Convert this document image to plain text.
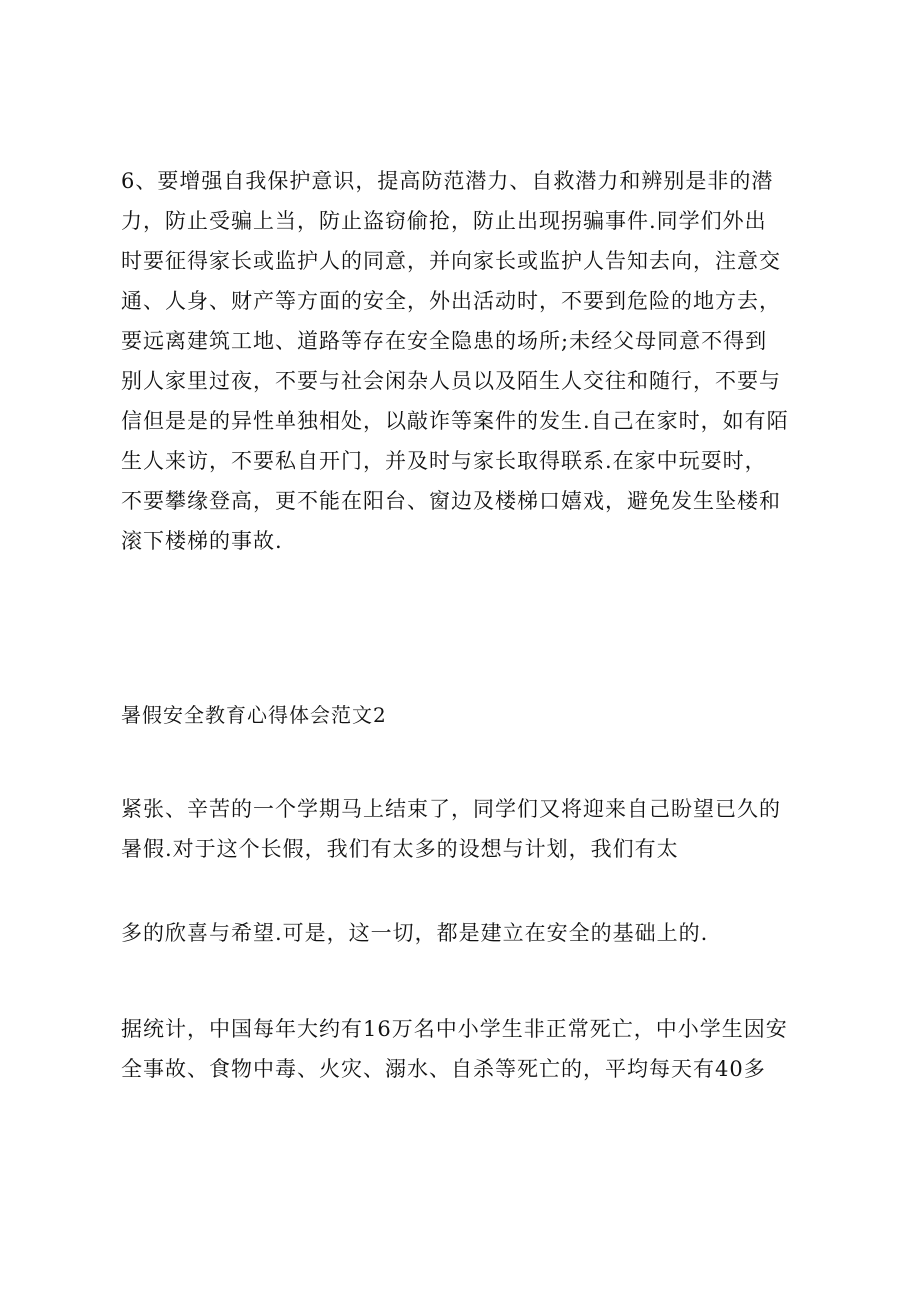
6、要增强自我保护意识，提高防范潜力、自救潜力和辨别是非的潜
力，防止受骗上当，防止盗窃偷抢，防止出现拐骗事件.同学们外出
时要征得家长或监护人的同意，并向家长或监护人告知去向，注意交
通、人身、财产等方面的安全，外出活动时，不要到危险的地方去，
要远离建筑工地、道路等存在安全隐患的场所;未经父母同意不得到
别人家里过夜，不要与社会闲杂人员以及陌生人交往和随行，不要与
信但是是的异性单独相处，以敲诈等案件的发生.自己在家时，如有陌
生人来访，不要私自开门，并及时与家长取得联系.在家中玩耍时，
不要攀缘登高，更不能在阳台、窗边及楼梯口嬉戏，避免发生坠楼和
滚下楼梯的事故.
暑假安全教育心得体会范文2
紧张、辛苦的一个学期马上结束了，同学们又将迎来自己盼望已久的
暑假.对于这个长假，我们有太多的设想与计划，我们有太
多的欣喜与希望.可是，这一切，都是建立在安全的基础上的.
据统计，中国每年大约有16万名中小学生非正常死亡，中小学生因安
全事故、食物中毒、火灾、溺水、自杀等死亡的，平均每天有40多
